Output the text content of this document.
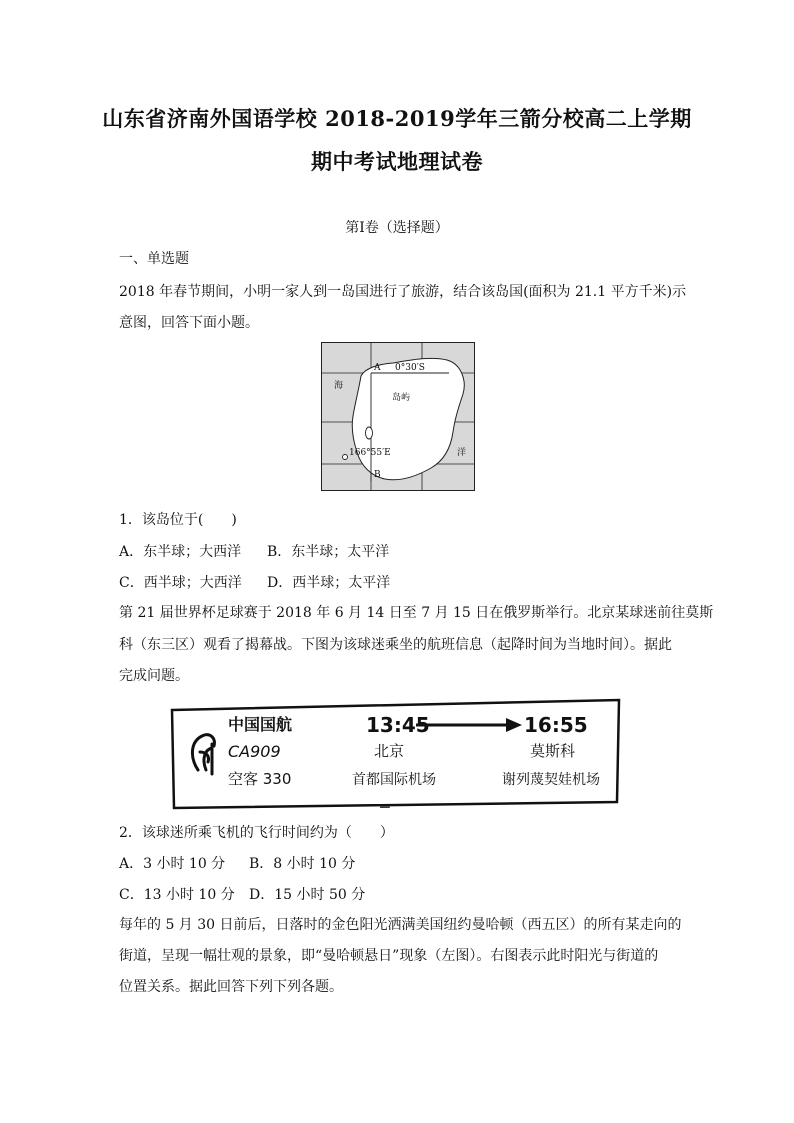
山东省济南外国语学校 2018-2019学年三箭分校高二上学期
期中考试地理试卷
第Ⅰ卷（选择题）
一、单选题
2018 年春节期间，小明一家人到一岛国进行了旅游，结合该岛国(面积为 21.1 平方千米)示
意图，回答下面小题。
A 0°30′S
海
岛屿
166°55′E
B
洋
1．该岛位于(　　)
A．东半球；大西洋 B．东半球；太平洋
C．西半球；大西洋 D．西半球；太平洋
第 21 届世界杯足球赛于 2018 年 6 月 14 日至 7 月 15 日在俄罗斯举行。北京某球迷前往莫斯
科（东三区）观看了揭幕战。下图为该球迷乘坐的航班信息（起降时间为当地时间）。据此
完成问题。
中国国航
CA909
空客 330
13:45	16:55
北京	莫斯科
首都国际机场	谢列蔑契娃机场
━━
2．该球迷所乘飞机的飞行时间约为（　　）
A．3 小时 10 分 B．8 小时 10 分
C．13 小时 10 分 D．15 小时 50 分
每年的 5 月 30 日前后，日落时的金色阳光洒满美国纽约曼哈顿（西五区）的所有某走向的
街道，呈现一幅壮观的景象，即“曼哈顿悬日”现象（左图）。右图表示此时阳光与街道的
位置关系。据此回答下列下列各题。
